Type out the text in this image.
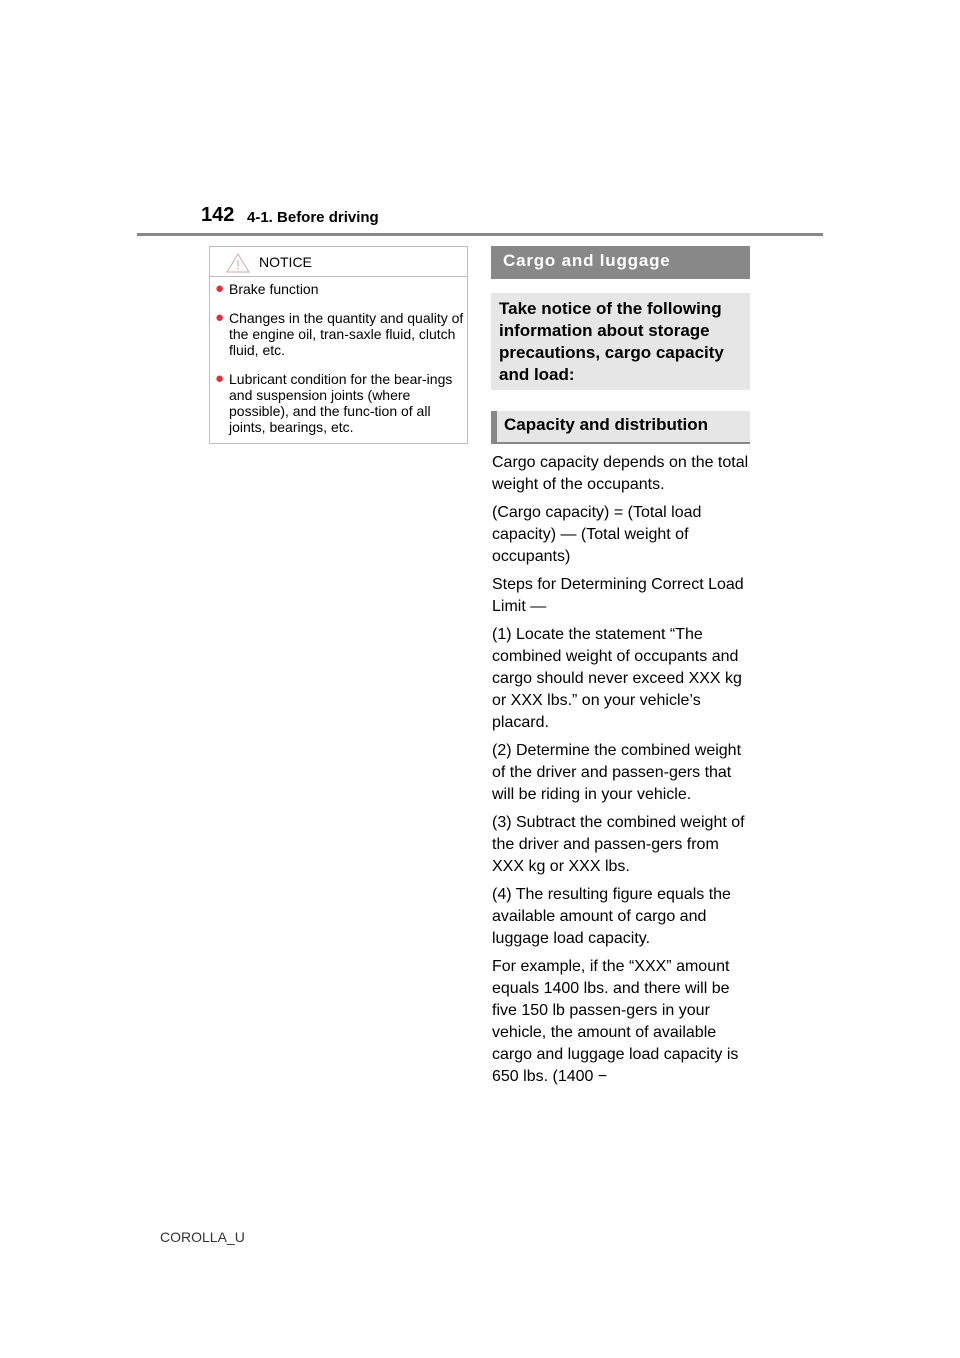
142 4-1. Before driving
NOTICE
● Brake function
● Changes in the quantity and quality of the engine oil, tran-saxle fluid, clutch fluid, etc.
● Lubricant condition for the bear-ings and suspension joints (where possible), and the func-tion of all joints, bearings, etc.
Cargo and luggage
Take notice of the following information about storage precautions, cargo capacity and load:
Capacity and distribution

Cargo capacity depends on the total weight of the occupants.

(Cargo capacity) = (Total load capacity) — (Total weight of occupants)

Steps for Determining Correct Load Limit —

(1) Locate the statement “The combined weight of occupants and cargo should never exceed XXX kg or XXX lbs.” on your vehicle’s placard.

(2) Determine the combined weight of the driver and passen-gers that will be riding in your vehicle.

(3) Subtract the combined weight of the driver and passen-gers from XXX kg or XXX lbs.

(4) The resulting figure equals the available amount of cargo and luggage load capacity.

For example, if the “XXX” amount equals 1400 lbs. and there will be five 150 lb passen-gers in your vehicle, the amount of available cargo and luggage load capacity is 650 lbs. (1400 −

COROLLA_U
